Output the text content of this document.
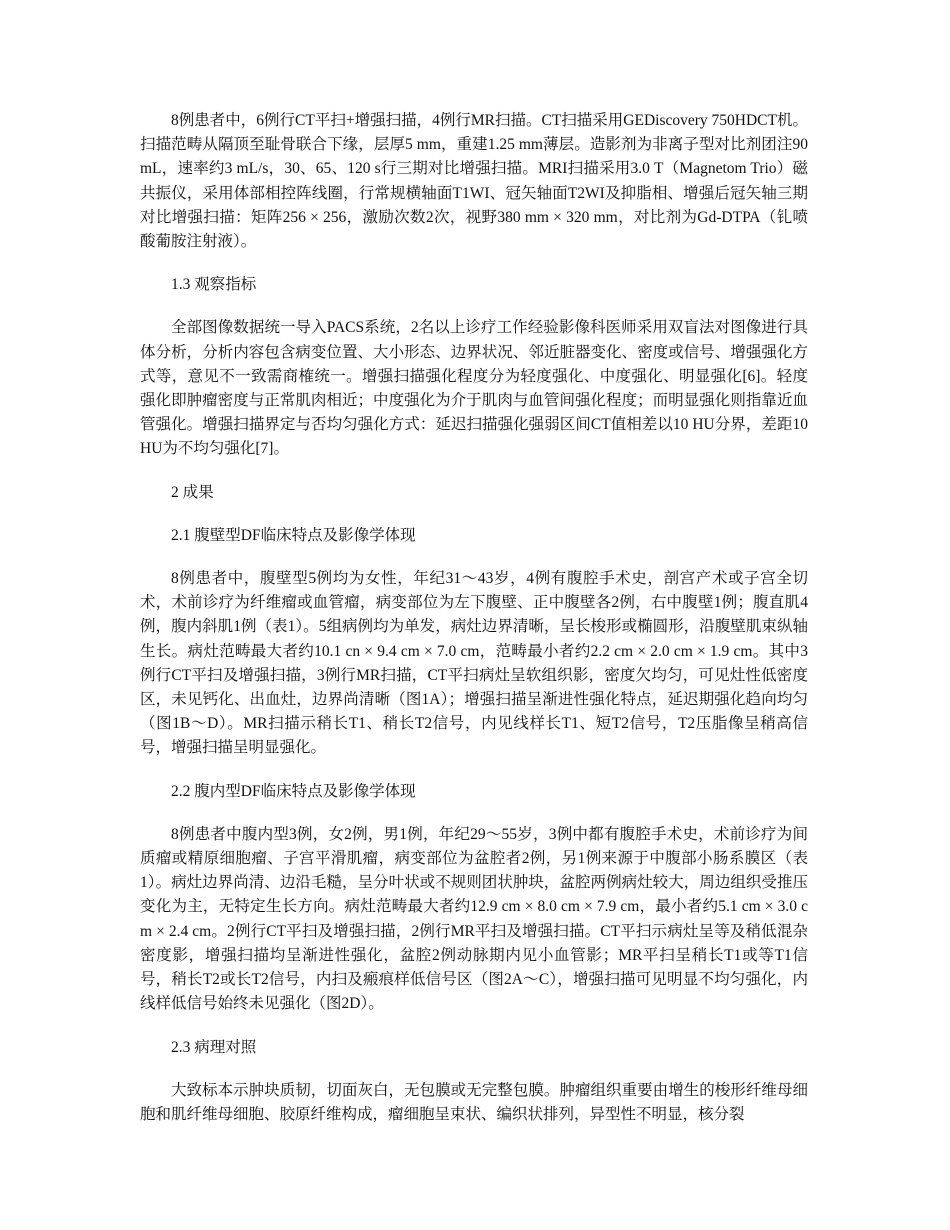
8例患者中，6例行CT平扫+增强扫描，4例行MR扫描。CT扫描采用GEDiscovery 750HDCT机。扫描范畴从隔顶至耻骨联合下缘，层厚5 mm，重建1.25 mm薄层。造影剂为非离子型对比剂团注90 mL，速率约3 mL/s，30、65、120 s行三期对比增强扫描。MRI扫描采用3.0 T（Magnetom Trio）磁共振仪，采用体部相控阵线圈，行常规横轴面T1WI、冠矢轴面T2WI及抑脂相、增强后冠矢轴三期对比增强扫描：矩阵256 × 256，激励次数2次，视野380 mm × 320 mm，对比剂为Gd-DTPA（钆喷酸葡胺注射液）。

1.3 观察指标

全部图像数据统一导入PACS系统，2名以上诊疗工作经验影像科医师采用双盲法对图像进行具体分析，分析内容包含病变位置、大小形态、边界状况、邻近脏器变化、密度或信号、增强强化方式等，意见不一致需商榷统一。增强扫描强化程度分为轻度强化、中度强化、明显强化[6]。轻度强化即肿瘤密度与正常肌肉相近；中度强化为介于肌肉与血管间强化程度；而明显强化则指靠近血管强化。增强扫描界定与否均匀强化方式：延迟扫描强化强弱区间CT值相差以10 HU分界，差距10 HU为不均匀强化[7]。

2 成果

2.1 腹壁型DF临床特点及影像学体现

8例患者中，腹壁型5例均为女性，年纪31～43岁，4例有腹腔手术史，剖宫产术或子宫全切术，术前诊疗为纤维瘤或血管瘤，病变部位为左下腹壁、正中腹壁各2例，右中腹壁1例；腹直肌4例，腹内斜肌1例（表1）。5组病例均为单发，病灶边界清晰，呈长梭形或椭圆形，沿腹壁肌束纵轴生长。病灶范畴最大者约10.1 cn × 9.4 cm × 7.0 cm，范畴最小者约2.2 cm × 2.0 cm × 1.9 cm。其中3例行CT平扫及增强扫描，3例行MR扫描，CT平扫病灶呈软组织影，密度欠均匀，可见灶性低密度区，未见钙化、出血灶，边界尚清晰（图1A）；增强扫描呈渐进性强化特点，延迟期强化趋向均匀（图1B～D）。MR扫描示稍长T1、稍长T2信号，内见线样长T1、短T2信号，T2压脂像呈稍高信号，增强扫描呈明显强化。

2.2 腹内型DF临床特点及影像学体现

8例患者中腹内型3例，女2例，男1例，年纪29～55岁，3例中都有腹腔手术史，术前诊疗为间质瘤或精原细胞瘤、子宫平滑肌瘤，病变部位为盆腔者2例，另1例来源于中腹部小肠系膜区（表1）。病灶边界尚清、边沿毛糙，呈分叶状或不规则团状肿块，盆腔两例病灶较大，周边组织受推压变化为主，无特定生长方向。病灶范畴最大者约12.9 cm × 8.0 cm × 7.9 cm，最小者约5.1 cm × 3.0 cm × 2.4 cm。2例行CT平扫及增强扫描，2例行MR平扫及增强扫描。CT平扫示病灶呈等及稍低混杂密度影，增强扫描均呈渐进性强化，盆腔2例动脉期内见小血管影；MR平扫呈稍长T1或等T1信号，稍长T2或长T2信号，内扫及瘢痕样低信号区（图2A～C），增强扫描可见明显不均匀强化，内线样低信号始终未见强化（图2D）。

2.3 病理对照

大致标本示肿块质韧，切面灰白，无包膜或无完整包膜。肿瘤组织重要由增生的梭形纤维母细胞和肌纤维母细胞、胶原纤维构成，瘤细胞呈束状、编织状排列，异型性不明显，核分裂
